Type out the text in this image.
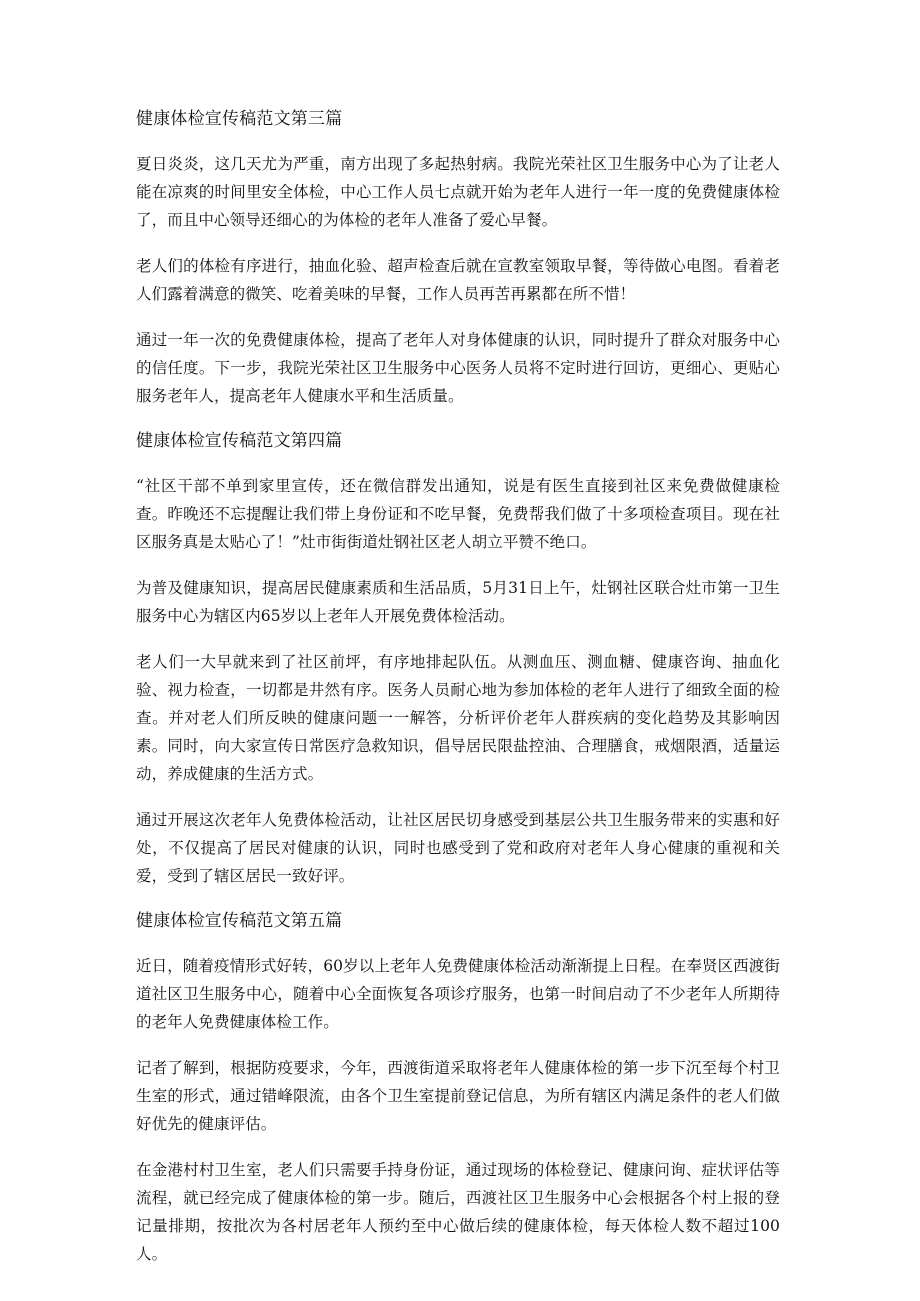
健康体检宣传稿范文第三篇

夏日炎炎，这几天尤为严重，南方出现了多起热射病。我院光荣社区卫生服务中心为了让老人能在凉爽的时间里安全体检，中心工作人员七点就开始为老年人进行一年一度的免费健康体检了，而且中心领导还细心的为体检的老年人准备了爱心早餐。

老人们的体检有序进行，抽血化验、超声检查后就在宣教室领取早餐，等待做心电图。看着老人们露着满意的微笑、吃着美味的早餐，工作人员再苦再累都在所不惜！

通过一年一次的免费健康体检，提高了老年人对身体健康的认识，同时提升了群众对服务中心的信任度。下一步，我院光荣社区卫生服务中心医务人员将不定时进行回访，更细心、更贴心服务老年人，提高老年人健康水平和生活质量。

健康体检宣传稿范文第四篇

“社区干部不单到家里宣传，还在微信群发出通知，说是有医生直接到社区来免费做健康检查。昨晚还不忘提醒让我们带上身份证和不吃早餐，免费帮我们做了十多项检查项目。现在社区服务真是太贴心了！”灶市街街道灶钢社区老人胡立平赞不绝口。

为普及健康知识，提高居民健康素质和生活品质，5月31日上午，灶钢社区联合灶市第一卫生服务中心为辖区内65岁以上老年人开展免费体检活动。

老人们一大早就来到了社区前坪，有序地排起队伍。从测血压、测血糖、健康咨询、抽血化验、视力检查，一切都是井然有序。医务人员耐心地为参加体检的老年人进行了细致全面的检查。并对老人们所反映的健康问题一一解答，分析评价老年人群疾病的变化趋势及其影响因素。同时，向大家宣传日常医疗急救知识，倡导居民限盐控油、合理膳食，戒烟限酒，适量运动，养成健康的生活方式。

通过开展这次老年人免费体检活动，让社区居民切身感受到基层公共卫生服务带来的实惠和好处，不仅提高了居民对健康的认识，同时也感受到了党和政府对老年人身心健康的重视和关爱，受到了辖区居民一致好评。

健康体检宣传稿范文第五篇

近日，随着疫情形式好转，60岁以上老年人免费健康体检活动渐渐提上日程。在奉贤区西渡街道社区卫生服务中心，随着中心全面恢复各项诊疗服务，也第一时间启动了不少老年人所期待的老年人免费健康体检工作。

记者了解到，根据防疫要求，今年，西渡街道采取将老年人健康体检的第一步下沉至每个村卫生室的形式，通过错峰限流，由各个卫生室提前登记信息，为所有辖区内满足条件的老人们做好优先的健康评估。

在金港村村卫生室，老人们只需要手持身份证，通过现场的体检登记、健康问询、症状评估等流程，就已经完成了健康体检的第一步。随后，西渡社区卫生服务中心会根据各个村上报的登记量排期，按批次为各村居老年人预约至中心做后续的健康体检，每天体检人数不超过100人。
